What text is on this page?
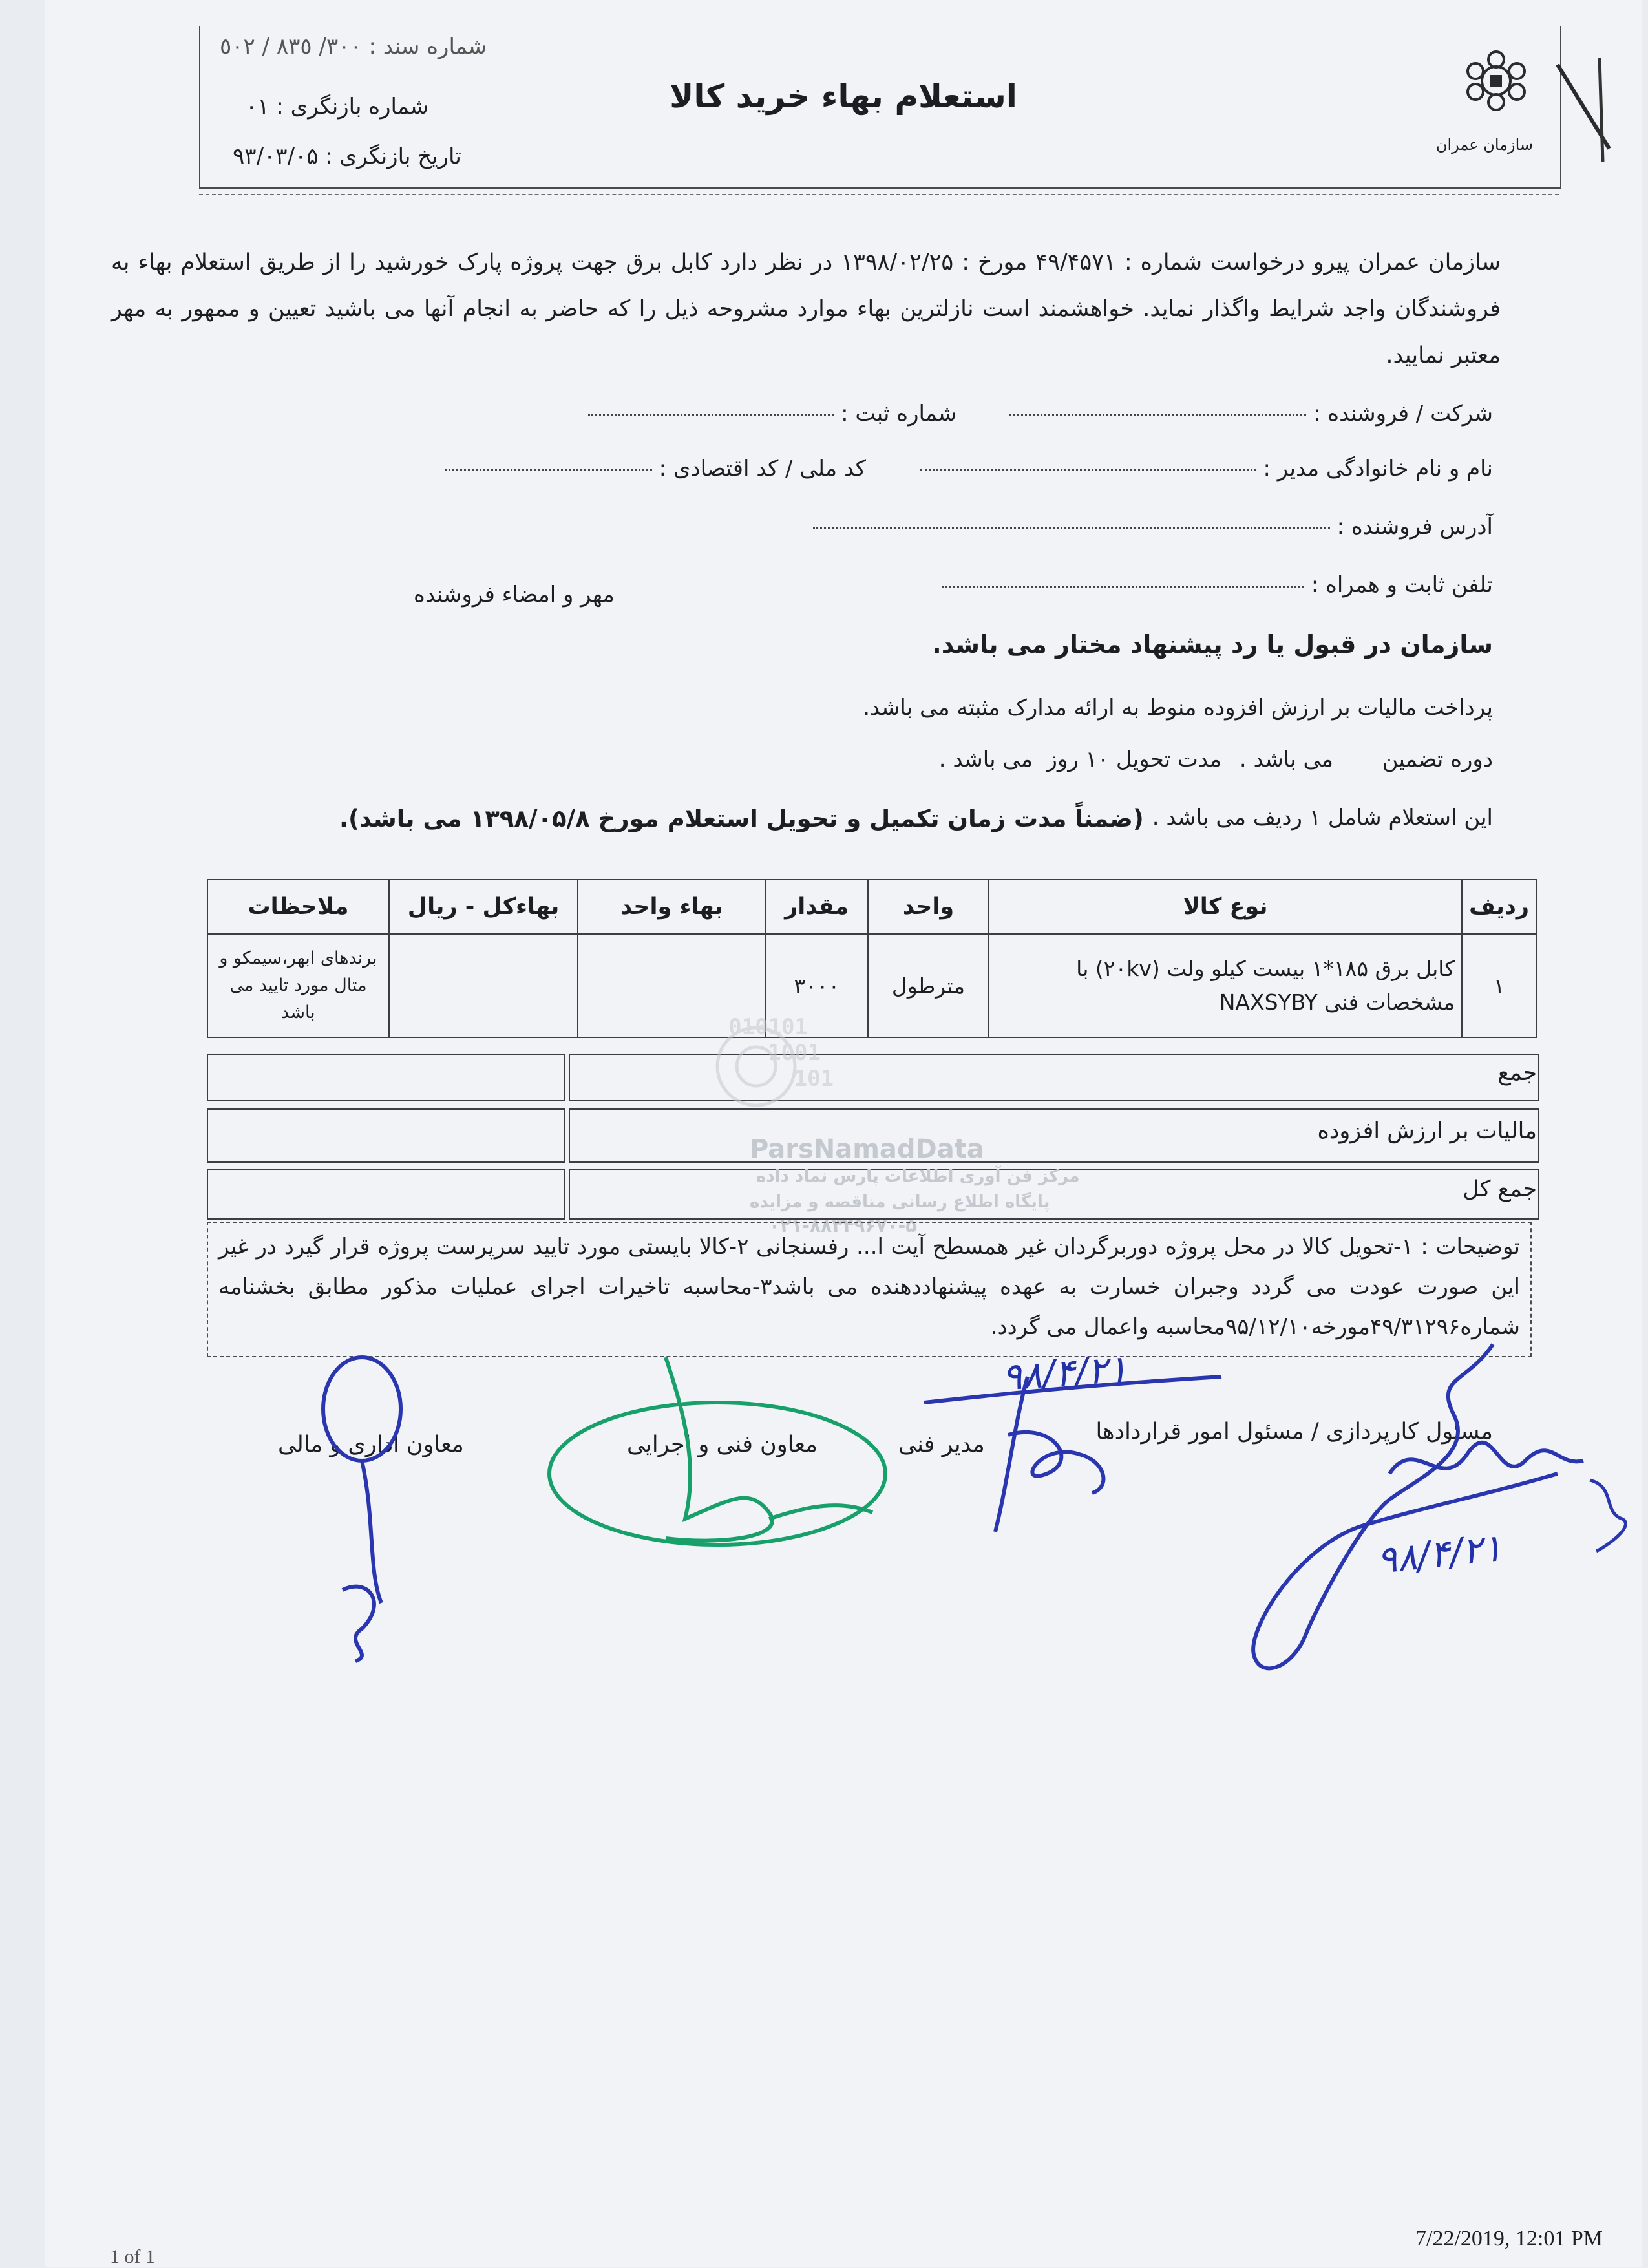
سازمان عمران
استعلام بهاء خريد كالا
شماره سند : ٣٠٠/ ٨٣٥ / ٥٠٢
شماره بازنگری : ۰۱
تاريخ بازنگری : ۹۳/۰۳/۰۵
سازمان عمران پيرو درخواست شماره : ۴۹/۴۵۷۱ مورخ : ۱۳۹۸/۰۲/۲۵ در نظر دارد كابل برق جهت پروژه پارک خورشيد را از طريق استعلام بهاء به فروشندگان واجد شرايط واگذار نمايد. خواهشمند است نازلترين بهاء موارد مشروحه ذيل را كه حاضر به انجام آنها می باشيد تعيين و ممهور به مهر معتبر نماييد.
شركت / فروشنده :
شماره ثبت :
نام و نام خانوادگی مدير :
كد ملی / كد اقتصادی :
آدرس فروشنده :
تلفن ثابت و همراه :
مهر و امضاء فروشنده
سازمان در قبول يا رد پيشنهاد مختار می باشد.
پرداخت ماليات بر ارزش افزوده منوط به ارائه مدارک مثبته می باشد.
دوره تضمين       می باشد .
مدت تحويل ۱۰ روز  می باشد .
اين استعلام شامل ۱ رديف می باشد .
(ضمناً مدت زمان تكميل و تحويل استعلام مورخ ۱۳۹۸/۰۵/۸ می باشد).
رديف	نوع كالا	واحد	مقدار	بهاء واحد	بهاءكل - ريال	ملاحظات
۱	كابل برق ۱۸۵*۱ بيست كيلو ولت (۲۰kv) با مشخصات فنی NAXSYBY	مترطول	۳۰۰۰			برندهای ابهر،سيمكو و متال مورد تاييد می باشد
جمع
ماليات بر ارزش افزوده
جمع كل
010101
1001
101
ParsNamadData
مركز فن آوری اطلاعات پارس نماد داده
پايگاه اطلاع رسانی مناقصه و مزايده
۰۲۱-۸۸۳۴۹۶۷۰-۵
توضيحات : ۱-تحويل كالا در محل پروژه دوربرگردان غير همسطح آيت ا... رفسنجانی ۲-كالا بايستی مورد تاييد سرپرست پروژه قرار گيرد در غير اين صورت عودت می گردد وجبران خسارت به عهده پيشنهاددهنده می باشد۳-محاسبه تاخيرات اجرای عمليات مذكور مطابق بخشنامه شماره۴۹/۳۱۲۹۶مورخه۹۵/۱۲/۱۰محاسبه واعمال می گردد.
مسئول كارپردازی / مسئول امور قراردادها
مدير فنی
معاون فنی و اجرايی
معاون اداری و مالی
۹۸/۴/۲۱
۹۸/۴/۲۱
7/22/2019, 12:01 PM
1 of 1
